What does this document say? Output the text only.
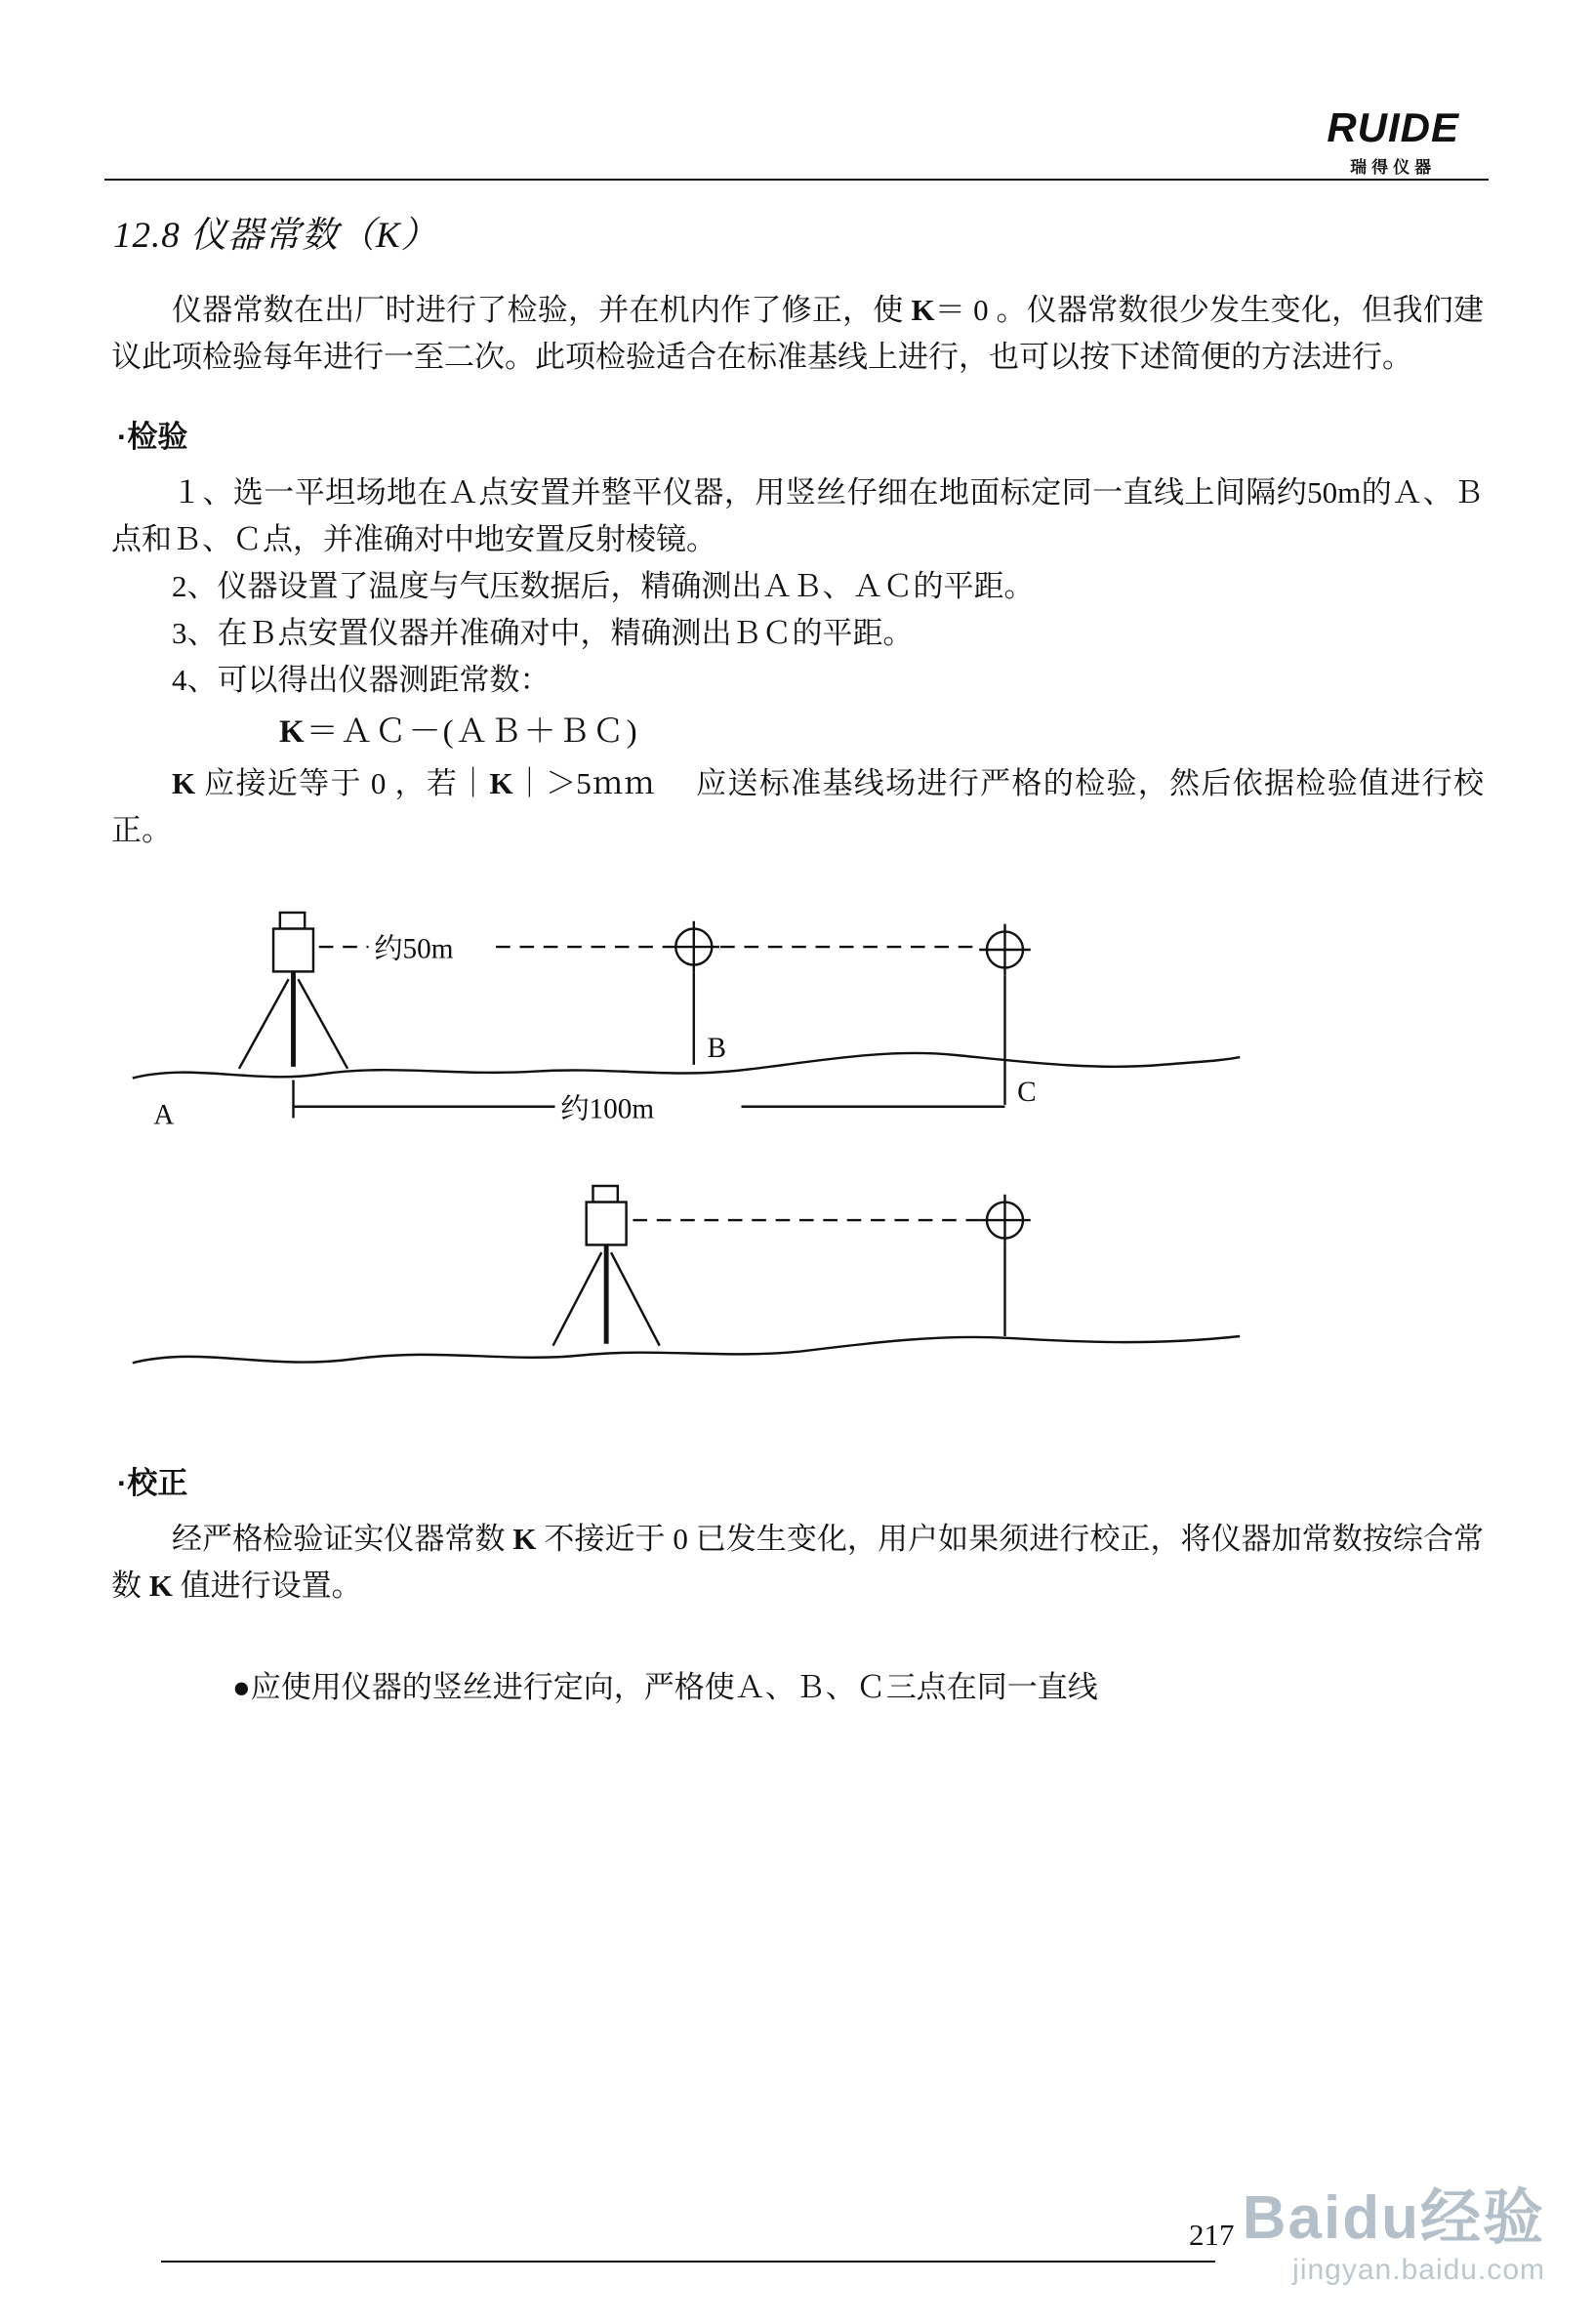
RUIDE
瑞得仪器
12.8 仪器常数（K）

仪器常数在出厂时进行了检验，并在机内作了修正，使 K＝ 0 。仪器常数很少发生变化，但我们建议此项检验每年进行一至二次。此项检验适合在标准基线上进行，也可以按下述简便的方法进行。

·检验

１、选一平坦场地在Ａ点安置并整平仪器，用竖丝仔细在地面标定同一直线上间隔约50m的Ａ、Ｂ点和Ｂ、Ｃ点，并准确对中地安置反射棱镜。

2、仪器设置了温度与气压数据后，精确测出ＡＢ、ＡＣ的平距。

3、在Ｂ点安置仪器并准确对中，精确测出ＢＣ的平距。

4、可以得出仪器测距常数：

K＝ＡＣ－(ＡＢ＋ＢＣ)

K 应接近等于 0 ，若｜K｜＞5ｍｍ　 应送标准基线场进行严格的检验，然后依据检验值进行校正。

约50m
B
约100m
A
C
·校正

经严格检验证实仪器常数 K 不接近于 0 已发生变化，用户如果须进行校正，将仪器加常数按综合常数 K 值进行设置。

●应使用仪器的竖丝进行定向，严格使Ａ、Ｂ、Ｃ三点在同一直线

217 Baidu经验
jingyan.baidu.com
